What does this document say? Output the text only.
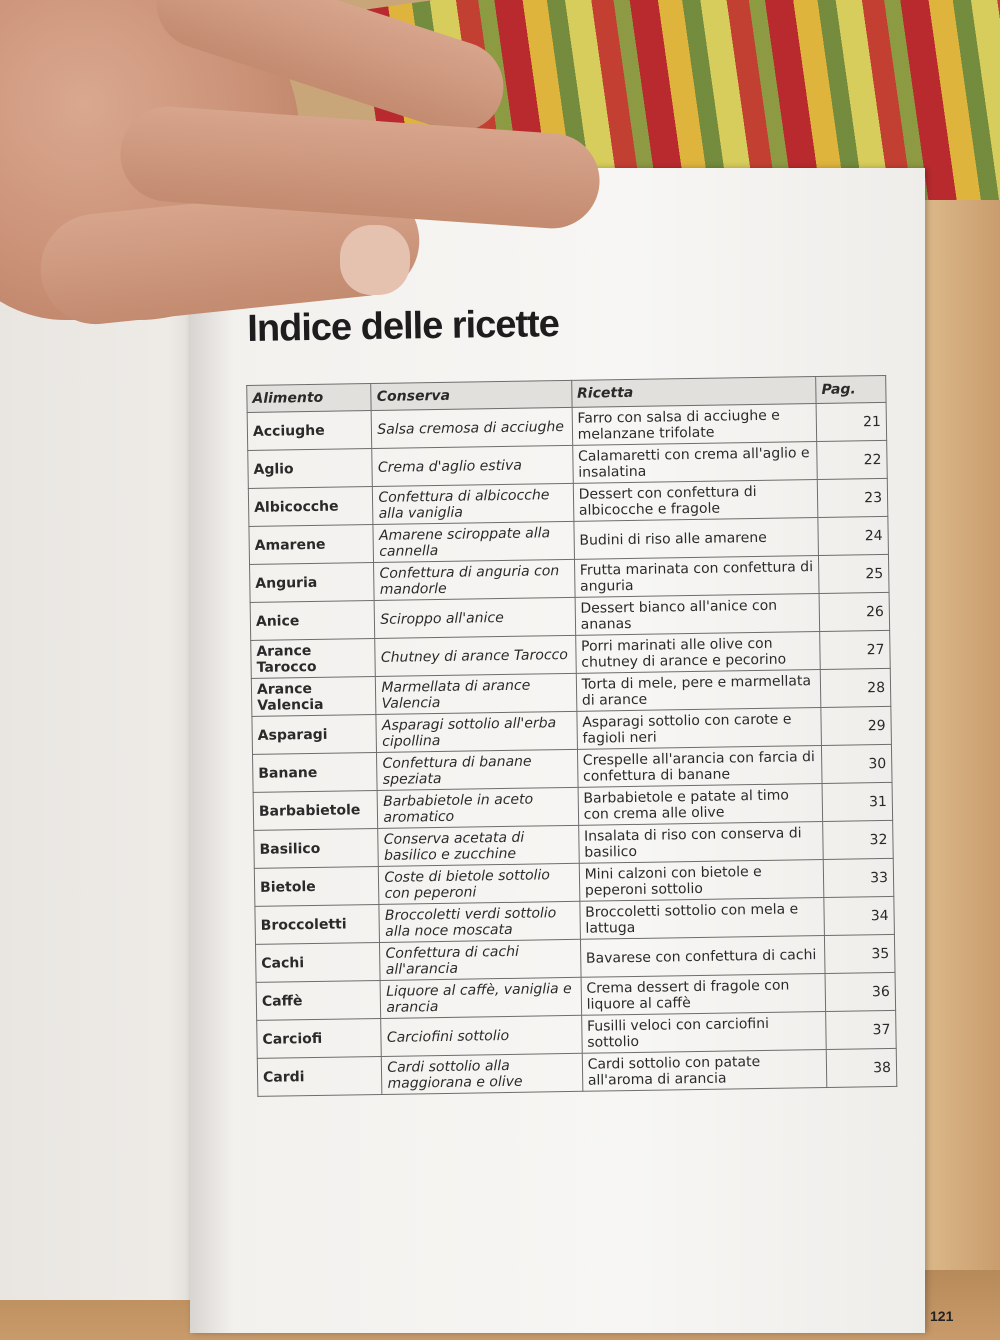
Indice delle ricette
Alimento	Conserva	Ricetta	Pag.
Acciughe	Salsa cremosa di acciughe	Farro con salsa di acciughe e melanzane trifolate	21
Aglio	Crema d'aglio estiva	Calamaretti con crema all'aglio e insalatina	22
Albicocche	Confettura di albicocche alla vaniglia	Dessert con confettura di albicocche e fragole	23
Amarene	Amarene sciroppate alla cannella	Budini di riso alle amarene	24
Anguria	Confettura di anguria con mandorle	Frutta marinata con confettura di anguria	25
Anice	Sciroppo all'anice	Dessert bianco all'anice con ananas	26
Arance Tarocco	Chutney di arance Tarocco	Porri marinati alle olive con chutney di arance e pecorino	27
Arance Valencia	Marmellata di arance Valencia	Torta di mele, pere e marmellata di arance	28
Asparagi	Asparagi sottolio all'erba cipollina	Asparagi sottolio con carote e fagioli neri	29
Banane	Confettura di banane speziata	Crespelle all'arancia con farcia di confettura di banane	30
Barbabietole	Barbabietole in aceto aromatico	Barbabietole e patate al timo con crema alle olive	31
Basilico	Conserva acetata di basilico e zucchine	Insalata di riso con conserva di basilico	32
Bietole	Coste di bietole sottolio con peperoni	Mini calzoni con bietole e peperoni sottolio	33
Broccoletti	Broccoletti verdi sottolio alla noce moscata	Broccoletti sottolio con mela e lattuga	34
Cachi	Confettura di cachi all'arancia	Bavarese con confettura di cachi	35
Caffè	Liquore al caffè, vaniglia e arancia	Crema dessert di fragole con liquore al caffè	36
Carciofi	Carciofini sottolio	Fusilli veloci con carciofini sottolio	37
Cardi	Cardi sottolio alla maggiorana e olive	Cardi sottolio con patate all'aroma di arancia	38
121
